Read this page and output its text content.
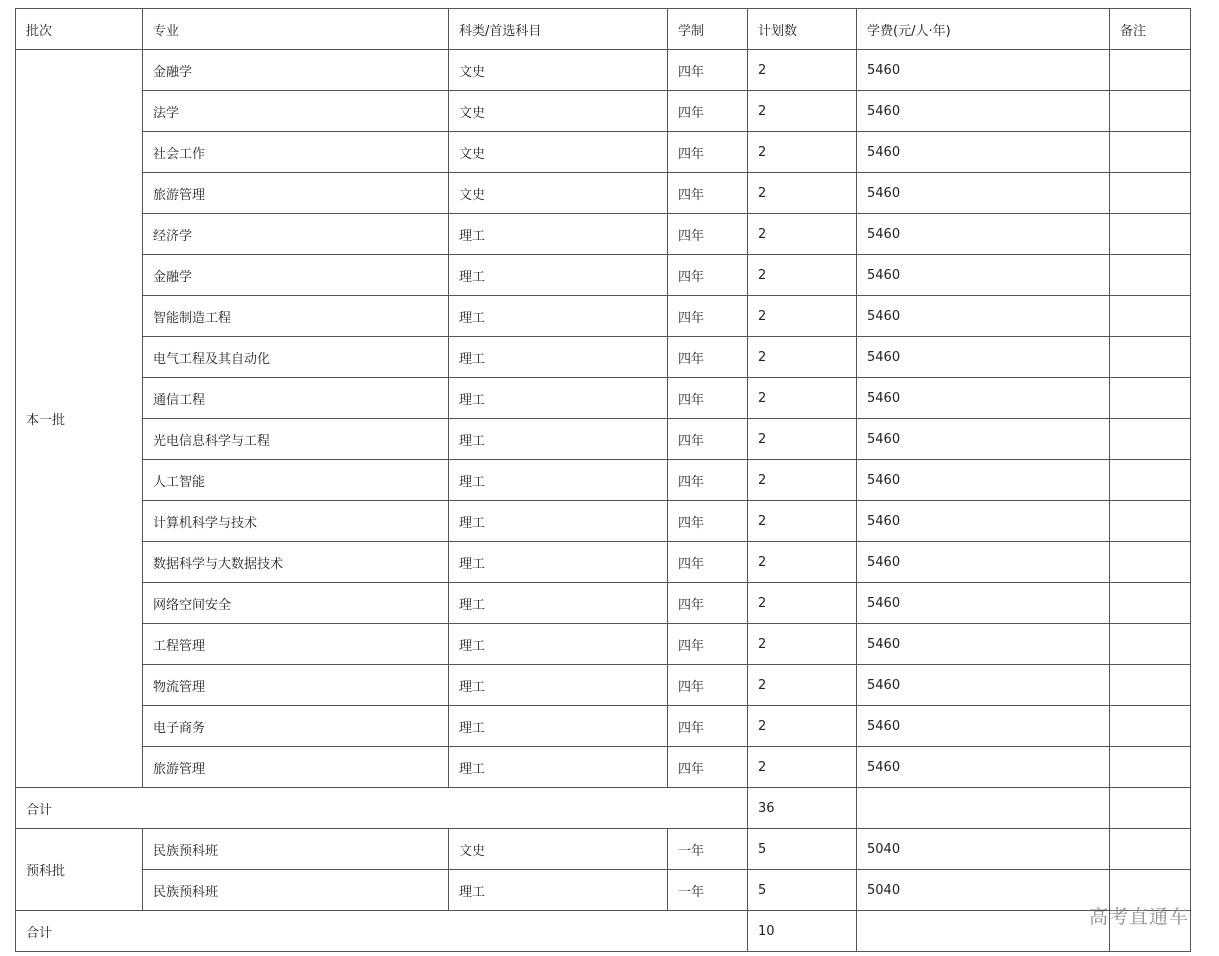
批次	专业	科类/首选科目	学制	计划数	学费(元/人·年)	备注
本一批	金融学	文史	四年	2	5460	
	法学	文史	四年	2	5460	
	社会工作	文史	四年	2	5460	
	旅游管理	文史	四年	2	5460	
	经济学	理工	四年	2	5460	
	金融学	理工	四年	2	5460	
	智能制造工程	理工	四年	2	5460	
	电气工程及其自动化	理工	四年	2	5460	
	通信工程	理工	四年	2	5460	
	光电信息科学与工程	理工	四年	2	5460	
	人工智能	理工	四年	2	5460	
	计算机科学与技术	理工	四年	2	5460	
	数据科学与大数据技术	理工	四年	2	5460	
	网络空间安全	理工	四年	2	5460	
	工程管理	理工	四年	2	5460	
	物流管理	理工	四年	2	5460	
	电子商务	理工	四年	2	5460	
	旅游管理	理工	四年	2	5460	
合计				36		
预科批	民族预科班	文史	一年	5	5040	
	民族预科班	理工	一年	5	5040	
合计				10		
高考直通车
